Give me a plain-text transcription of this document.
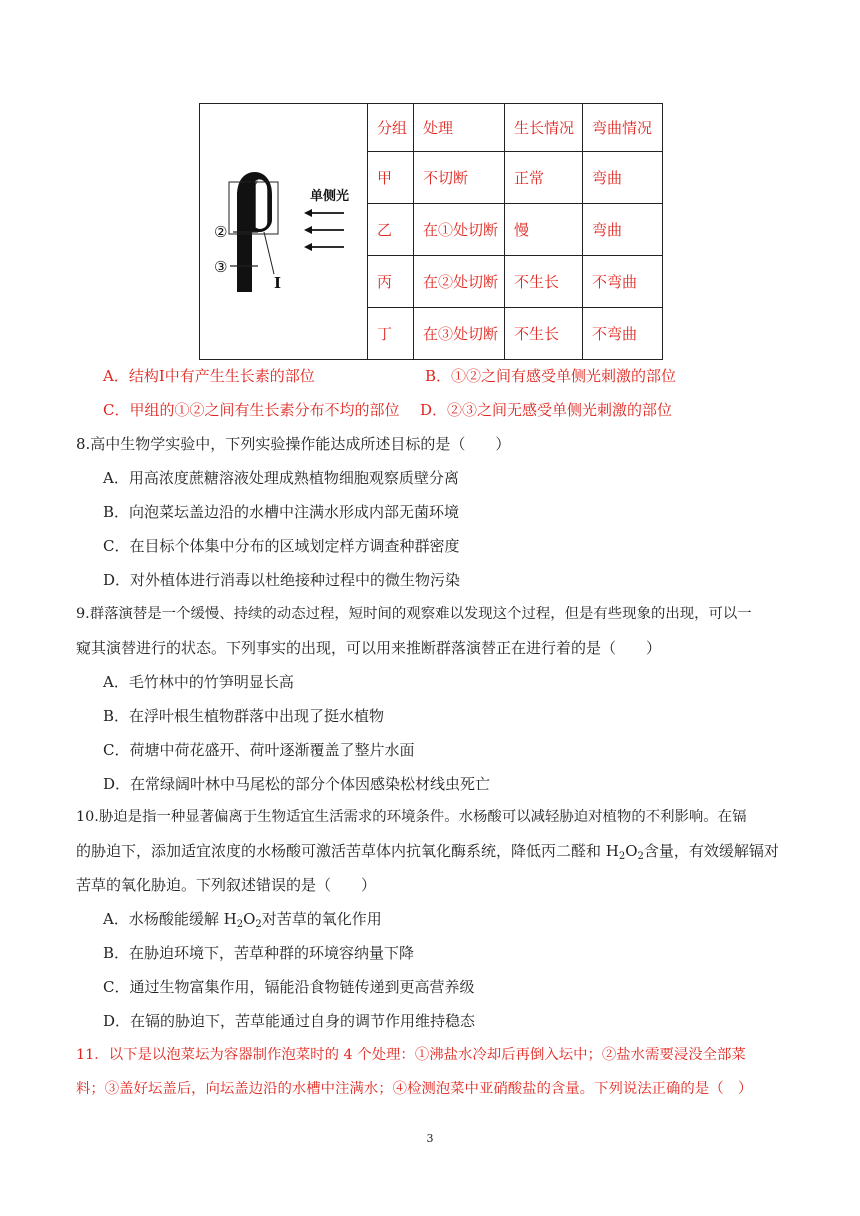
单侧光
①
②
③
I	分组	处理	生长情况	弯曲情况
	甲	不切断	正常	弯曲
	乙	在①处切断	慢	弯曲
	丙	在②处切断	不生长	不弯曲
	丁	在③处切断	不生长	不弯曲
A．结构I中有产生生长素的部位	B．①②之间有感受单侧光刺激的部位
C．甲组的①②之间有生长素分布不均的部位 D．②③之间无感受单侧光刺激的部位
8.高中生物学实验中，下列实验操作能达成所述目标的是（　　）
A．用高浓度蔗糖溶液处理成熟植物细胞观察质壁分离
B．向泡菜坛盖边沿的水槽中注满水形成内部无菌环境
C．在目标个体集中分布的区域划定样方调查种群密度
D．对外植体进行消毒以杜绝接种过程中的微生物污染
9.群落演替是一个缓慢、持续的动态过程，短时间的观察难以发现这个过程，但是有些现象的出现，可以一
窥其演替进行的状态。下列事实的出现，可以用来推断群落演替正在进行着的是（　　）
A．毛竹林中的竹笋明显长高
B．在浮叶根生植物群落中出现了挺水植物
C．荷塘中荷花盛开、荷叶逐渐覆盖了整片水面
D．在常绿阔叶林中马尾松的部分个体因感染松材线虫死亡
10.胁迫是指一种显著偏离于生物适宜生活需求的环境条件。水杨酸可以减轻胁迫对植物的不利影响。在镉
的胁迫下，添加适宜浓度的水杨酸可激活苦草体内抗氧化酶系统，降低丙二醛和 $H_2O_2$含量，有效缓解镉对
苦草的氧化胁迫。下列叙述错误的是（　　）
A．水杨酸能缓解 $H_2O_2$对苦草的氧化作用
B．在胁迫环境下，苦草种群的环境容纳量下降
C．通过生物富集作用，镉能沿食物链传递到更高营养级
D．在镉的胁迫下，苦草能通过自身的调节作用维持稳态
11．以下是以泡菜坛为容器制作泡菜时的 4 个处理：①沸盐水冷却后再倒入坛中；②盐水需要浸没全部菜
料；③盖好坛盖后，向坛盖边沿的水槽中注满水；④检测泡菜中亚硝酸盐的含量。下列说法正确的是（　）
3
